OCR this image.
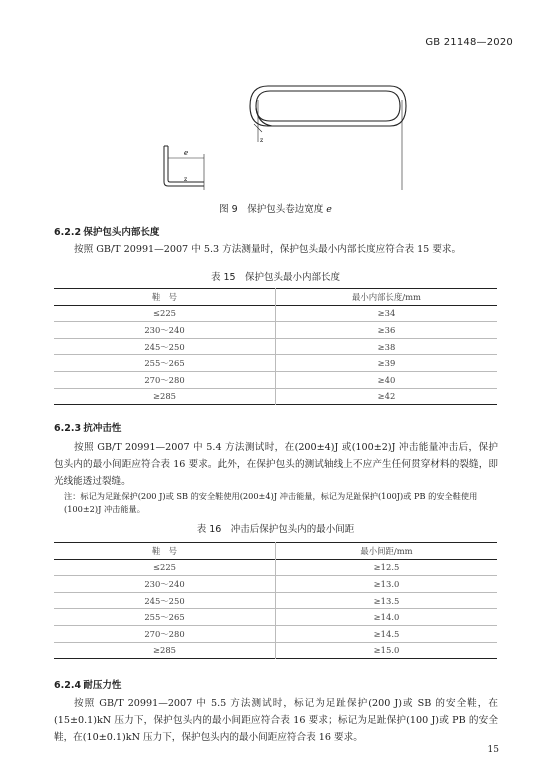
GB 21148—2020
e
z
z
图 9　保护包头卷边宽度 e
6.2.2 保护包头内部长度
按照 GB/T 20991—2007 中 5.3 方法测量时，保护包头最小内部长度应符合表 15 要求。
表 15　保护包头最小内部长度
鞋　号	最小内部长度/mm
≤225	≥34
230～240	≥36
245～250	≥38
255～265	≥39
270～280	≥40
≥285	≥42
6.2.3 抗冲击性
按照 GB/T 20991—2007 中 5.4 方法测试时，在(200±4)J 或(100±2)J 冲击能量冲击后，保护包头内的最小间距应符合表 16 要求。此外，在保护包头的测试轴线上不应产生任何贯穿材料的裂缝，即光线能透过裂缝。
注：标记为足趾保护(200 J)或 SB 的安全鞋使用(200±4)J 冲击能量，标记为足趾保护(100J)或 PB 的安全鞋使用(100±2)J 冲击能量。
表 16　冲击后保护包头内的最小间距
鞋　号	最小间距/mm
≤225	≥12.5
230～240	≥13.0
245～250	≥13.5
255～265	≥14.0
270～280	≥14.5
≥285	≥15.0
6.2.4 耐压力性
按照 GB/T 20991—2007 中 5.5 方法测试时，标记为足趾保护(200 J)或 SB 的安全鞋，在(15±0.1)kN 压力下，保护包头内的最小间距应符合表 16 要求；标记为足趾保护(100 J)或 PB 的安全鞋，在(10±0.1)kN 压力下，保护包头内的最小间距应符合表 16 要求。
15
